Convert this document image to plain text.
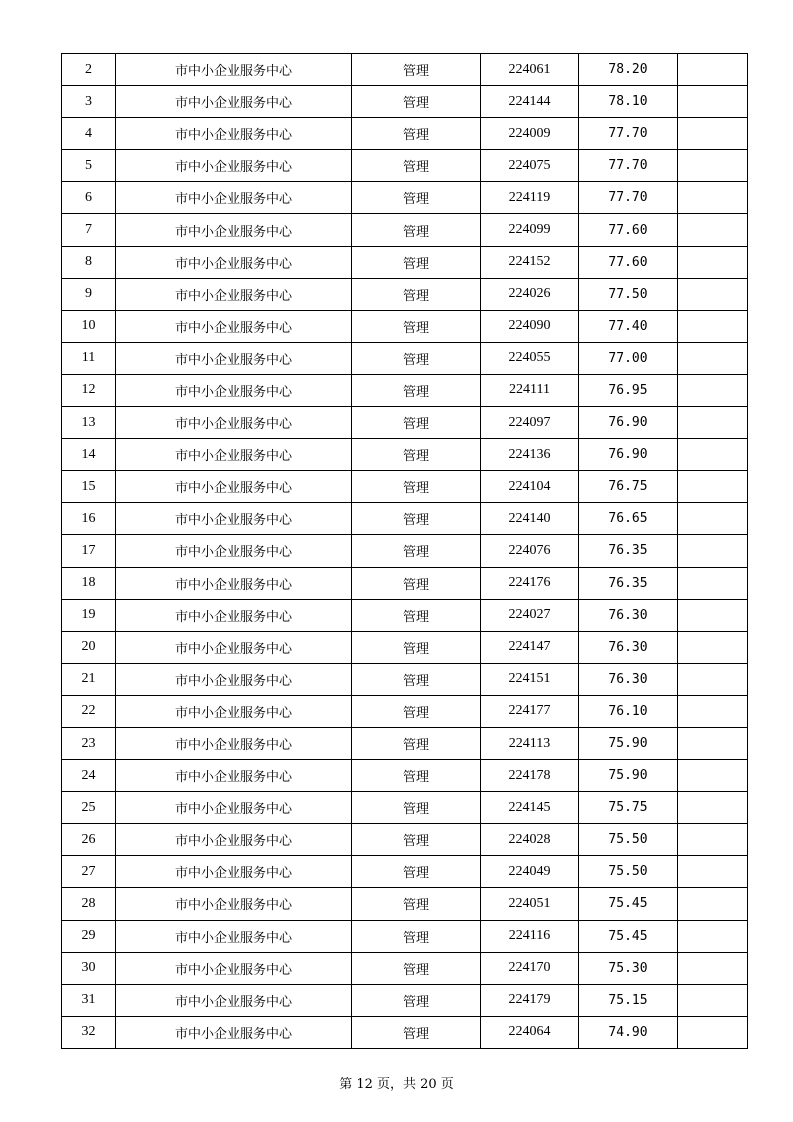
2	市中小企业服务中心	管理	224061	78.20	
3	市中小企业服务中心	管理	224144	78.10	
4	市中小企业服务中心	管理	224009	77.70	
5	市中小企业服务中心	管理	224075	77.70	
6	市中小企业服务中心	管理	224119	77.70	
7	市中小企业服务中心	管理	224099	77.60	
8	市中小企业服务中心	管理	224152	77.60	
9	市中小企业服务中心	管理	224026	77.50	
10	市中小企业服务中心	管理	224090	77.40	
11	市中小企业服务中心	管理	224055	77.00	
12	市中小企业服务中心	管理	224111	76.95	
13	市中小企业服务中心	管理	224097	76.90	
14	市中小企业服务中心	管理	224136	76.90	
15	市中小企业服务中心	管理	224104	76.75	
16	市中小企业服务中心	管理	224140	76.65	
17	市中小企业服务中心	管理	224076	76.35	
18	市中小企业服务中心	管理	224176	76.35	
19	市中小企业服务中心	管理	224027	76.30	
20	市中小企业服务中心	管理	224147	76.30	
21	市中小企业服务中心	管理	224151	76.30	
22	市中小企业服务中心	管理	224177	76.10	
23	市中小企业服务中心	管理	224113	75.90	
24	市中小企业服务中心	管理	224178	75.90	
25	市中小企业服务中心	管理	224145	75.75	
26	市中小企业服务中心	管理	224028	75.50	
27	市中小企业服务中心	管理	224049	75.50	
28	市中小企业服务中心	管理	224051	75.45	
29	市中小企业服务中心	管理	224116	75.45	
30	市中小企业服务中心	管理	224170	75.30	
31	市中小企业服务中心	管理	224179	75.15	
32	市中小企业服务中心	管理	224064	74.90	
第 12 页，共 20 页
